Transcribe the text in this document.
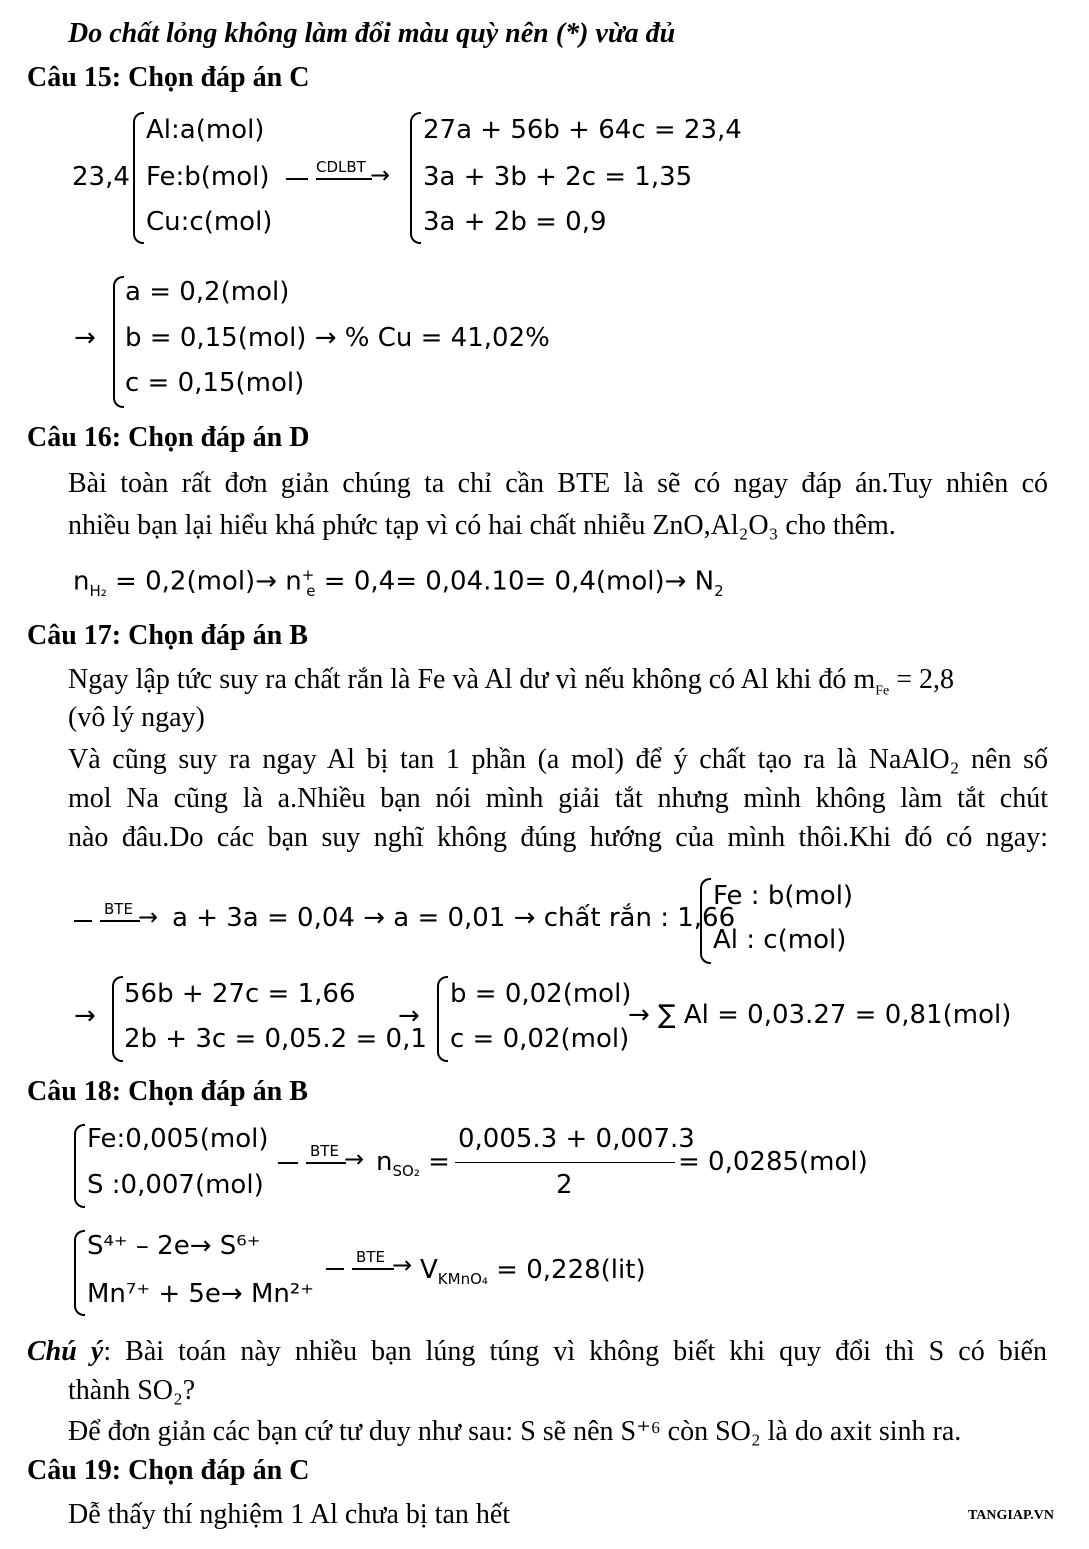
Do chất lỏng không làm đổi màu quỳ nên (*) vừa đủ
Câu 15: Chọn đáp án C
23,4
Al:a(mol)
Fe:b(mol)
Cu:c(mol)
CDLBT →
27a + 56b + 64c = 23,4
3a + 3b + 2c = 1,35
3a + 2b = 0,9
→
a = 0,2(mol)
b = 0,15(mol) → % Cu = 41,02%
c = 0,15(mol)
Câu 16: Chọn đáp án D
Bài toàn rất đơn giản chúng ta chỉ cần BTE là sẽ có ngay đáp án.Tuy nhiên có
nhiều bạn lại hiểu khá phức tạp vì có hai chất nhiễu ZnO,Al₂O₃ cho thêm.
$n_{H_2} = 0,2(mol)\to n^+_e = 0,4= 0,04.10= 0,4(mol)\to N_2$
Câu 17: Chọn đáp án B
Ngay lập tức suy ra chất rắn là Fe và Al dư vì nếu không có Al khi đó $m_{Fe} = 2,8$
(vô lý ngay)
Và cũng suy ra ngay Al bị tan 1 phần (a mol) để ý chất tạo ra là NaAlO₂ nên số
mol Na cũng là a.Nhiều bạn nói mình giải tắt nhưng mình không làm tắt chút
nào đâu.Do các bạn suy nghĩ không đúng hướng của mình thôi.Khi đó có ngay:
BTE → a + 3a = 0,04 → a = 0,01 → chất rắn : 1,66
Fe : b(mol)
Al : c(mol)
→
56b + 27c = 1,66
2b + 3c = 0,05.2 = 0,1
→
b = 0,02(mol)
c = 0,02(mol)
→ ∑ Al = 0,03.27 = 0,81(mol)
Câu 18: Chọn đáp án B
Fe:0,005(mol)
S :0,007(mol)
BTE → $n_{SO_2}$ =
0,005.3 + 0,007.3
2
= 0,0285(mol)
S⁴⁺ – 2e→ S⁶⁺
Mn⁷⁺ + 5e→ Mn²⁺
BTE → $V_{KMnO_4} = 0,228(lit)$
Chú ý: Bài toán này nhiều bạn lúng túng vì không biết khi quy đổi thì S có biến
thành SO₂?
Để đơn giản các bạn cứ tư duy như sau: S sẽ nên S⁺⁶ còn SO₂ là do axit sinh ra.
Câu 19: Chọn đáp án C
Dễ thấy thí nghiệm 1 Al chưa bị tan hết	TANGIAP.VN
